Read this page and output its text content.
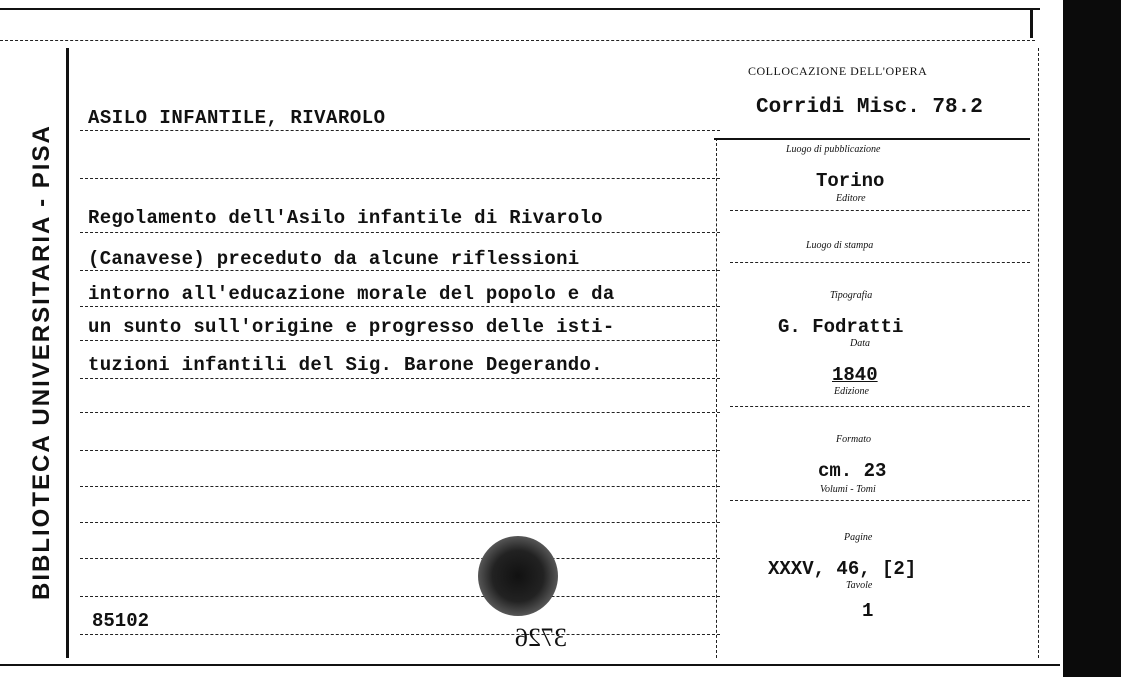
BIBLIOTECA UNIVERSITARIA - PISA
ASILO INFANTILE, RIVAROLO
Regolamento dell'Asilo infantile di Rivarolo
(Canavese) preceduto da alcune riflessioni
intorno all'educazione morale del popolo e da
un sunto sull'origine e progresso delle isti-
tuzioni infantili del Sig. Barone Degerando.
85102
3726
COLLOCAZIONE DELL'OPERA
Corridi Misc. 78.2
Luogo di pubblicazione
Torino
Editore
Luogo di stampa
Tipografia
G. Fodratti
Data
1840
Edizione
Formato
cm. 23
Volumi - Tomi
Pagine
XXXV, 46, [2]
Tavole
1
